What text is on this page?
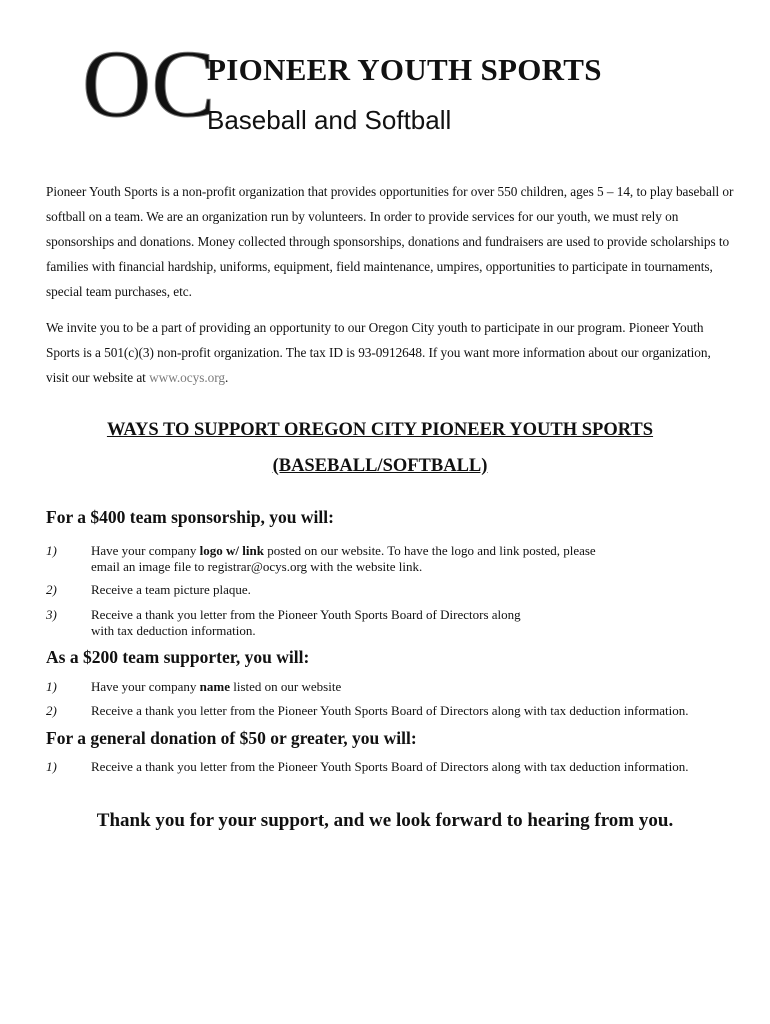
OC
PIONEER YOUTH SPORTS
Baseball and Softball

Pioneer Youth Sports is a non-profit organization that provides opportunities for over 550 children, ages 5 – 14, to play baseball or softball on a team. We are an organization run by volunteers. In order to provide services for our youth, we must rely on sponsorships and donations. Money collected through sponsorships, donations and fundraisers are used to provide scholarships to families with financial hardship, uniforms, equipment, field maintenance, umpires, opportunities to participate in tournaments, special team purchases, etc.

We invite you to be a part of providing an opportunity to our Oregon City youth to participate in our program. Pioneer Youth Sports is a 501(c)(3) non-profit organization. The tax ID is 93-0912648. If you want more information about our organization, visit our website at www.ocys.org.

WAYS TO SUPPORT OREGON CITY PIONEER YOUTH SPORTS
(BASEBALL/SOFTBALL)
For a $400 team sponsorship, you will:
1)	Have your company logo w/ link posted on our website. To have the logo and link posted, please
email an image file to registrar@ocys.org with the website link.
2)	Receive a team picture plaque.
3)	Receive a thank you letter from the Pioneer Youth Sports Board of Directors along
with tax deduction information.
As a $200 team supporter, you will:
1)	Have your company name listed on our website
2)	Receive a thank you letter from the Pioneer Youth Sports Board of Directors along with tax deduction information.
For a general donation of $50 or greater, you will:
1)	Receive a thank you letter from the Pioneer Youth Sports Board of Directors along with tax deduction information.
Thank you for your support, and we look forward to hearing from you.
